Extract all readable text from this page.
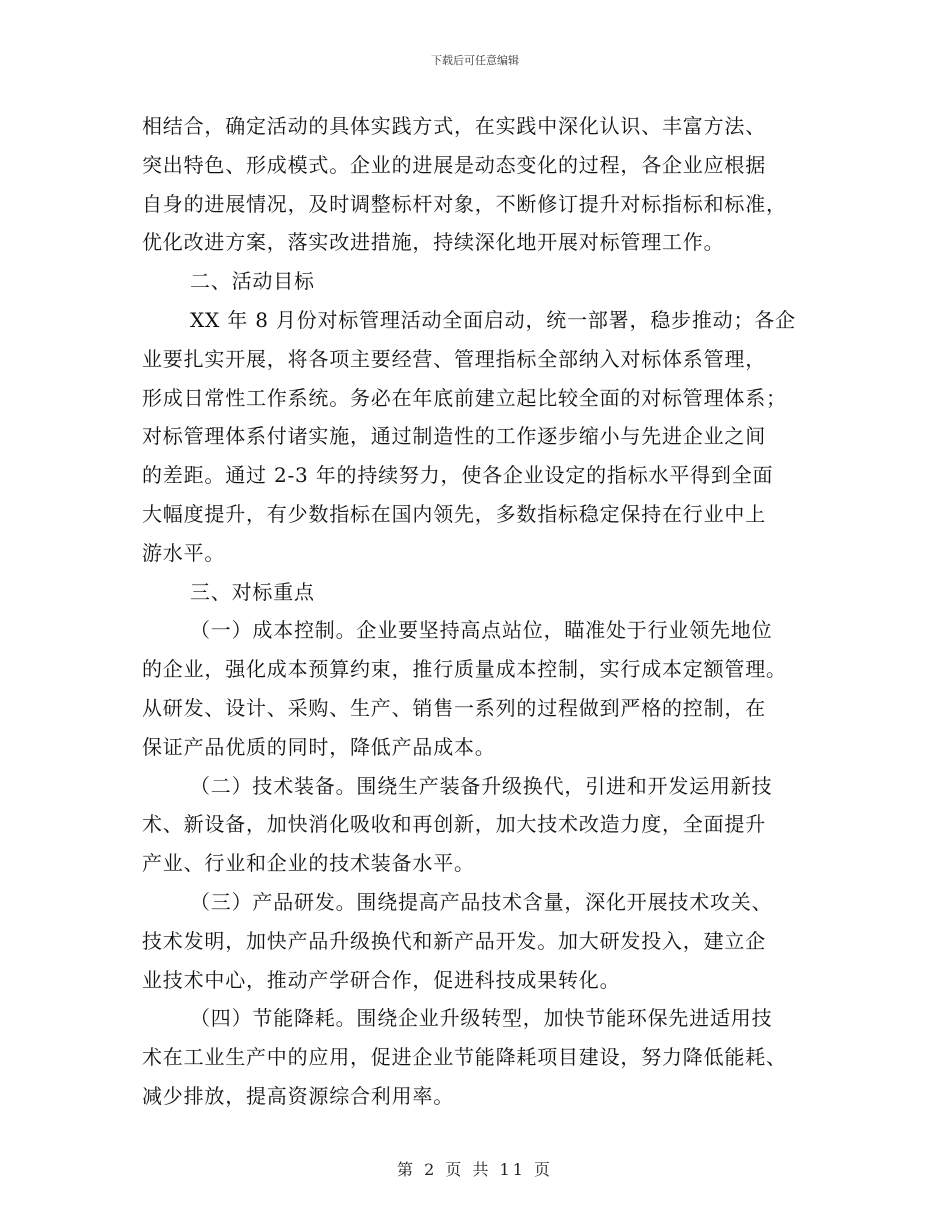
下载后可任意编辑
相结合，确定活动的具体实践方式，在实践中深化认识、丰富方法、
突出特色、形成模式。企业的进展是动态变化的过程，各企业应根据
自身的进展情况，及时调整标杆对象，不断修订提升对标指标和标准，
优化改进方案，落实改进措施，持续深化地开展对标管理工作。
二、活动目标
XX 年 8 月份对标管理活动全面启动，统一部署，稳步推动；各企
业要扎实开展，将各项主要经营、管理指标全部纳入对标体系管理，
形成日常性工作系统。务必在年底前建立起比较全面的对标管理体系；
对标管理体系付诸实施，通过制造性的工作逐步缩小与先进企业之间
的差距。通过 2-3 年的持续努力，使各企业设定的指标水平得到全面
大幅度提升，有少数指标在国内领先，多数指标稳定保持在行业中上
游水平。
三、对标重点
（一）成本控制。企业要坚持高点站位，瞄准处于行业领先地位
的企业，强化成本预算约束，推行质量成本控制，实行成本定额管理。
从研发、设计、采购、生产、销售一系列的过程做到严格的控制，在
保证产品优质的同时，降低产品成本。
（二）技术装备。围绕生产装备升级换代，引进和开发运用新技
术、新设备，加快消化吸收和再创新，加大技术改造力度，全面提升
产业、行业和企业的技术装备水平。
（三）产品研发。围绕提高产品技术含量，深化开展技术攻关、
技术发明，加快产品升级换代和新产品开发。加大研发投入，建立企
业技术中心，推动产学研合作，促进科技成果转化。
（四）节能降耗。围绕企业升级转型，加快节能环保先进适用技
术在工业生产中的应用，促进企业节能降耗项目建设，努力降低能耗、
减少排放，提高资源综合利用率。
第 2 页 共 11 页
